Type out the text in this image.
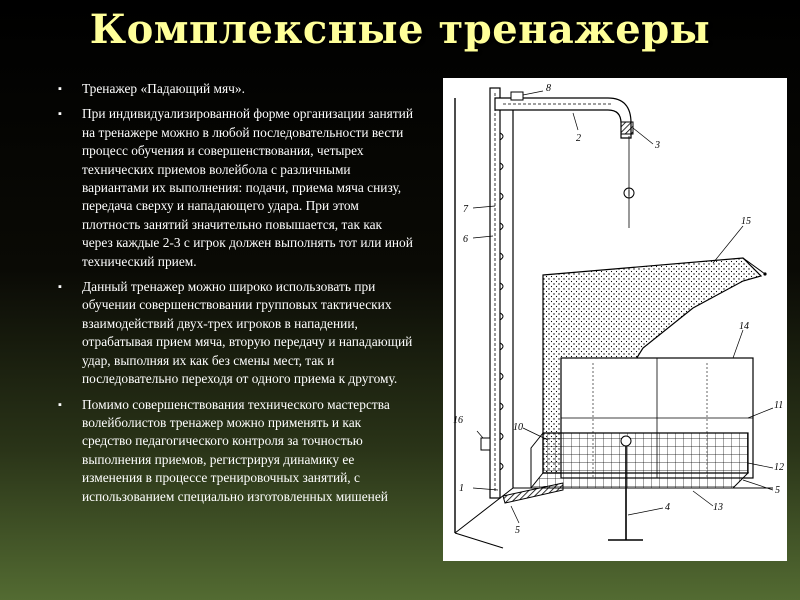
Комплексные тренажеры
▪ Тренажер «Падающий мяч».
▪ При индивидуализированной форме организации занятий на тренажере можно в любой последовательности вести процесс обучения и совершенствования, четырех технических приемов волейбола с различными вариантами их выполнения: подачи, приема мяча снизу, передача сверху и нападающего удара. При этом плотность занятий значительно повышается, так как через каждые 2-3 с игрок должен выполнять тот или иной технический прием.
▪ Данный тренажер можно широко использовать при обучении совершенствовании групповых тактических взаимодействий двух-трех игроков в нападении, отрабатывая прием мяча, вторую передачу и нападающий удар, выполняя их как без смены мест, так и последовательно переходя от одного приема к другому.
▪ Помимо совершенствования технического мастерства волейболистов тренажер можно применять и как средство педагогического контроля за точностью выполнения приемов, регистрируя динамику ее изменения в процессе тренировочных занятий, с использованием специально изготовленных мишеней
8
2
3
7
6
15
14
11
10
16
12
1	5
4	13
5
